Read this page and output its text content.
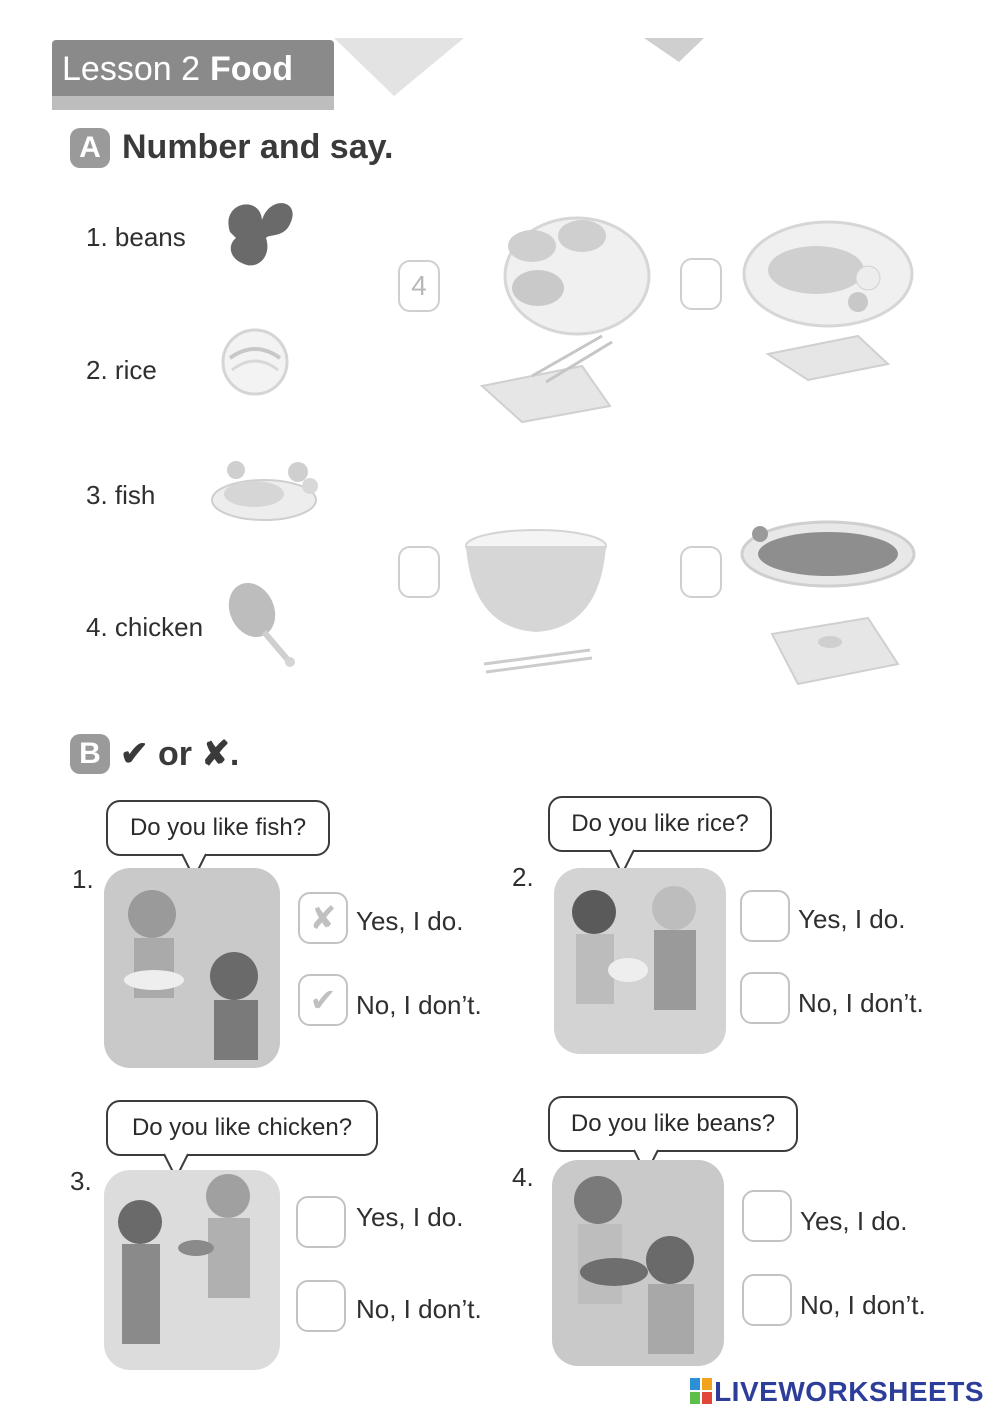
Lesson 2 Food
A Number and say.
1. beans
2. rice
3. fish
4. chicken
4
B ✔ or ✘.
Do you like fish?
1.
✘ Yes, I do.
✔ No, I don’t.
Do you like rice?
2.
Yes, I do.
No, I don’t.
Do you like chicken?
3.
Yes, I do.
No, I don’t.
Do you like beans?
4.
Yes, I do.
No, I don’t.
LIVEWORKSHEETS
